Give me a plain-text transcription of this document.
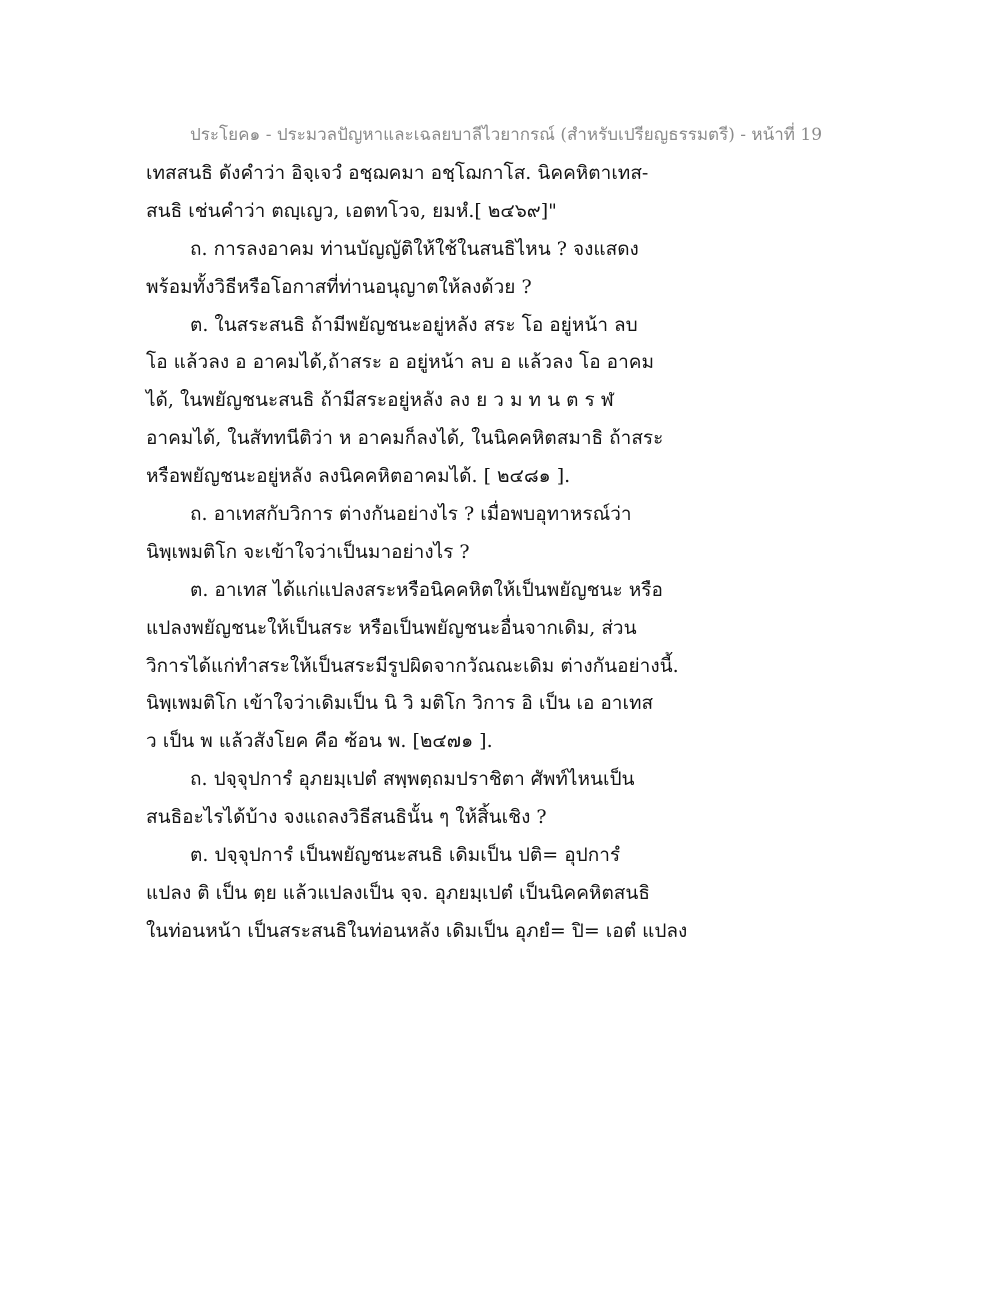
ประโยค๑ - ประมวลปัญหาและเฉลยบาลีไวยากรณ์ (สำหรับเปรียญธรรมตรี) - หน้าที่ 19
เทสสนธิ ดังคำว่า อิจฺเจวํ อชฺฌคมา อชฺโฌกาโส. นิคคหิตาเทส-
สนธิ เช่นคำว่า ตญฺเญว, เอตทโวจ, ยมหํ.[ ๒๔๖๙]"
ถ. การลงอาคม ท่านบัญญัติให้ใช้ในสนธิไหน ? จงแสดง
พร้อมทั้งวิธีหรือโอกาสที่ท่านอนุญาตให้ลงด้วย ?
ต. ในสระสนธิ ถ้ามีพยัญชนะอยู่หลัง สระ โอ อยู่หน้า ลบ
โอ แล้วลง อ อาคมได้,ถ้าสระ อ อยู่หน้า ลบ อ แล้วลง โอ อาคม
ได้, ในพยัญชนะสนธิ ถ้ามีสระอยู่หลัง ลง ย ว ม ท น ต ร ฬ
อาคมได้, ในสัททนีติว่า ห อาคมก็ลงได้, ในนิคคหิตสมาธิ ถ้าสระ
หรือพยัญชนะอยู่หลัง ลงนิคคหิตอาคมได้. [ ๒๔๘๑ ].
ถ. อาเทสกับวิการ ต่างกันอย่างไร ? เมื่อพบอุทาหรณ์ว่า
นิพฺเพมติโก จะเข้าใจว่าเป็นมาอย่างไร ?
ต. อาเทส ได้แก่แปลงสระหรือนิคคหิตให้เป็นพยัญชนะ หรือ
แปลงพยัญชนะให้เป็นสระ หรือเป็นพยัญชนะอื่นจากเดิม, ส่วน
วิการได้แก่ทำสระให้เป็นสระมีรูปผิดจากวัณณะเดิม ต่างกันอย่างนี้.
นิพฺเพมติโก เข้าใจว่าเดิมเป็น นิ วิ มติโก วิการ อิ เป็น เอ อาเทส
ว เป็น พ แล้วสังโยค คือ ซ้อน พ. [๒๔๗๑ ].
ถ. ปจฺจุปการํ อุภยมฺเปตํ สพฺพตฺถมปราชิตา ศัพท์ไหนเป็น
สนธิอะไรได้บ้าง จงแถลงวิธีสนธินั้น ๆ ให้สิ้นเชิง ?
ต. ปจฺจุปการํ เป็นพยัญชนะสนธิ เดิมเป็น ปติ= อุปการํ
แปลง ติ เป็น ตฺย แล้วแปลงเป็น จฺจ. อุภยมฺเปตํ เป็นนิคคหิตสนธิ
ในท่อนหน้า เป็นสระสนธิในท่อนหลัง เดิมเป็น อุภยํ= ปิ= เอตํ แปลง
